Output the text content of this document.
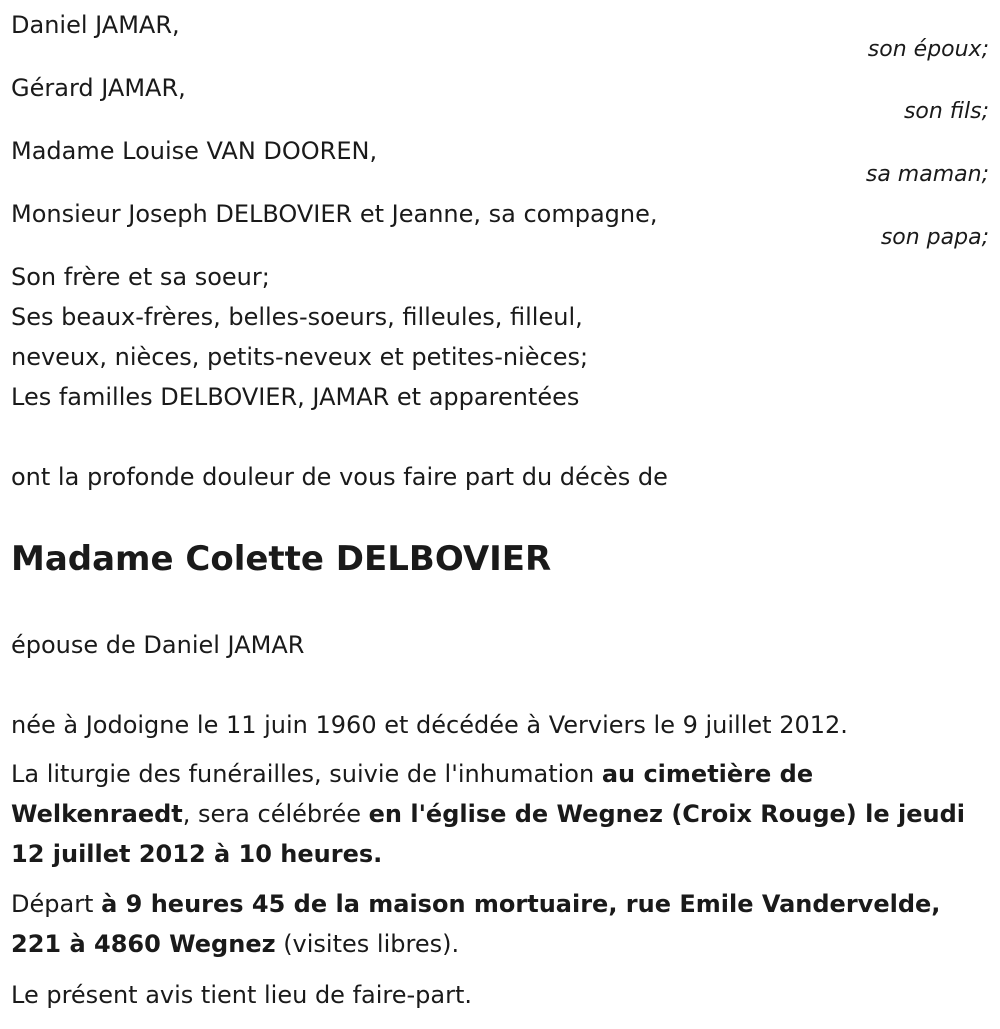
Daniel JAMAR,
son époux;
Gérard JAMAR,
son fils;
Madame Louise VAN DOOREN,
sa maman;
Monsieur Joseph DELBOVIER et Jeanne, sa compagne,
son papa;
Son frère et sa soeur;
Ses beaux-frères, belles-soeurs, filleules, filleul,
neveux, nièces, petits-neveux et petites-nièces;
Les familles DELBOVIER, JAMAR et apparentées
ont la profonde douleur de vous faire part du décès de
Madame Colette DELBOVIER
épouse de Daniel JAMAR
née à Jodoigne le 11 juin 1960 et décédée à Verviers le 9 juillet 2012.
La liturgie des funérailles, suivie de l'inhumation au cimetière de Welkenraedt, sera célébrée en l'église de Wegnez (Croix Rouge) le jeudi 12 juillet 2012 à 10 heures.
Départ à 9 heures 45 de la maison mortuaire, rue Emile Vandervelde, 221 à 4860 Wegnez (visites libres).
Le présent avis tient lieu de faire-part.
